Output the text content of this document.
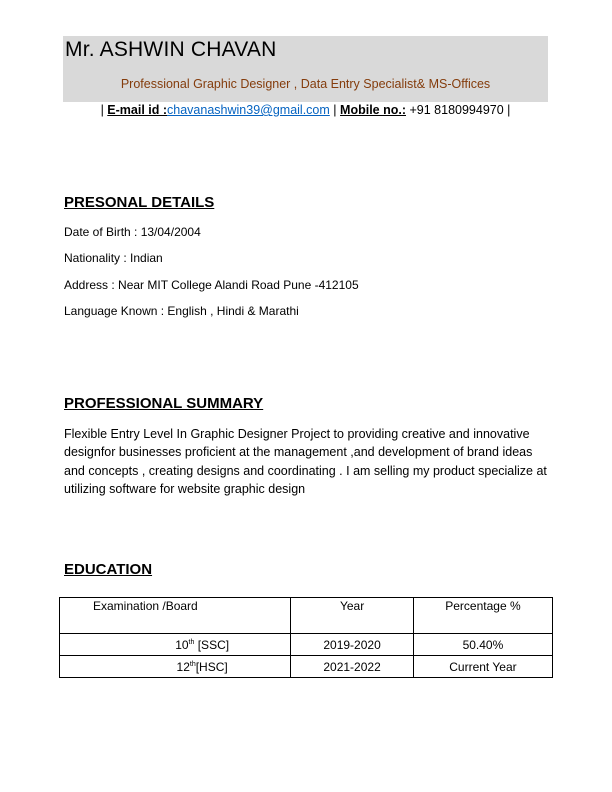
Mr. ASHWIN CHAVAN
Professional Graphic Designer , Data Entry Specialist& MS-Offices
| E-mail id :chavanashwin39@gmail.com | Mobile no.: +91 8180994970 |
PRESONAL DETAILS
Date of Birth : 13/04/2004
Nationality : Indian
Address : Near MIT College Alandi Road Pune -412105
Language Known : English , Hindi & Marathi
PROFESSIONAL SUMMARY
Flexible Entry Level In Graphic Designer Project to providing creative and innovative designfor businesses proficient at the management ,and development of brand ideas and concepts , creating designs and coordinating . I am selling my product specialize at utilizing software for website graphic design
EDUCATION
Examination /Board	Year	Percentage %
10th [SSC]	2019-2020	50.40%
12th[HSC]	2021-2022	Current Year
